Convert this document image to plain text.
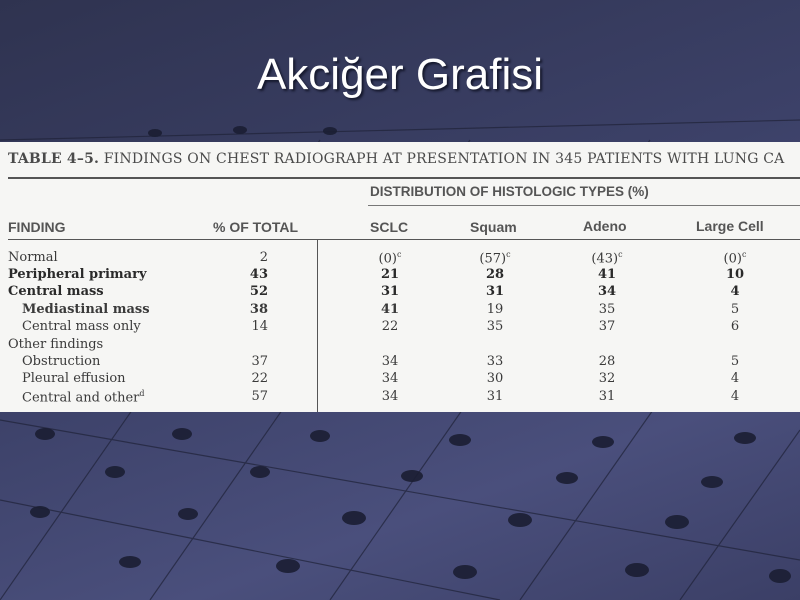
Akciğer Grafisi
TABLE 4–5. FINDINGS ON CHEST RADIOGRAPH AT PRESENTATION IN 345 PATIENTS WITH LUNG CA
DISTRIBUTION OF HISTOLOGIC TYPES (%)
FINDING	% OF TOTAL	SCLC	Squam	Adeno	Large Cell
Normal	2	$(0)^c$	$(57)^c$	$(43)^c$	$(0)^c$
Peripheral primary	43	21	28	41	10
Central mass	52	31	31	34	4
Mediastinal mass	38	41	19	35	5
Central mass only	14	22	35	37	6
Other findings
Obstruction	37	34	33	28	5
Pleural effusion	22	34	30	32	4
Central and other$^d$	57	34	31	31	4
